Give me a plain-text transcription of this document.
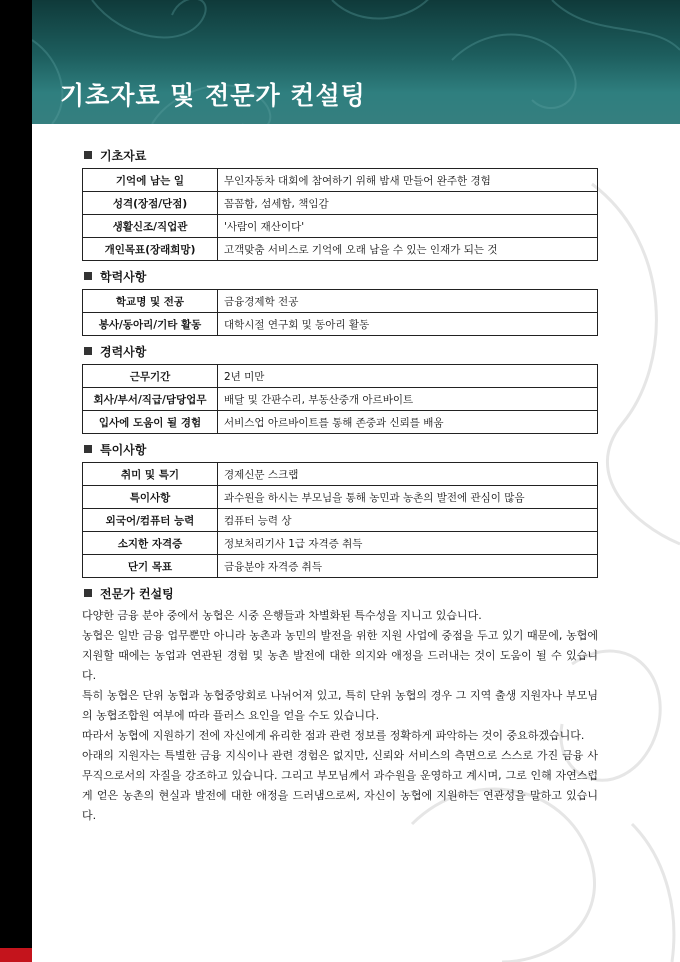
기초자료 및 전문가 컨설팅
기초자료
기억에 남는 일	무인자동차 대회에 참여하기 위해 밤새 만들어 완주한 경험
성격(장점/단점)	꼼꼼함, 섬세함, 책임감
생활신조/직업관	'사람이 재산이다'
개인목표(장래희망)	고객맞춤 서비스로 기억에 오래 남을 수 있는 인재가 되는 것
학력사항
학교명 및 전공	금융경제학 전공
봉사/동아리/기타 활동	대학시절 연구회 및 동아리 활동
경력사항
근무기간	2년 미만
회사/부서/직급/담당업무	배달 및 간판수리, 부동산중개 아르바이트
입사에 도움이 될 경험	서비스업 아르바이트를 통해 존중과 신뢰를 배움
특이사항
취미 및 특기	경제신문 스크랩
특이사항	과수원을 하시는 부모님을 통해 농민과 농촌의 발전에 관심이 많음
외국어/컴퓨터 능력	컴퓨터 능력 상
소지한 자격증	정보처리기사 1급 자격증 취득
단기 목표	금융분야 자격증 취득
전문가 컨설팅

다양한 금융 분야 중에서 농협은 시중 은행들과 차별화된 특수성을 지니고 있습니다.

농협은 일반 금융 업무뿐만 아니라 농촌과 농민의 발전을 위한 지원 사업에 중점을 두고 있기 때문에, 농협에 지원할 때에는 농업과 연관된 경험 및 농촌 발전에 대한 의지와 애정을 드러내는 것이 도움이 될 수 있습니다.

특히 농협은 단위 농협과 농협중앙회로 나뉘어져 있고, 특히 단위 농협의 경우 그 지역 출생 지원자나 부모님의 농협조합원 여부에 따라 플러스 요인을 얻을 수도 있습니다.

따라서 농협에 지원하기 전에 자신에게 유리한 점과 관련 정보를 정확하게 파악하는 것이 중요하겠습니다.

아래의 지원자는 특별한 금융 지식이나 관련 경험은 없지만, 신뢰와 서비스의 측면으로 스스로 가진 금융 사무직으로서의 자질을 강조하고 있습니다. 그리고 부모님께서 과수원을 운영하고 계시며, 그로 인해 자연스럽게 얻은 농촌의 현실과 발전에 대한 애정을 드러냄으로써, 자신이 농협에 지원하는 연관성을 말하고 있습니다.
